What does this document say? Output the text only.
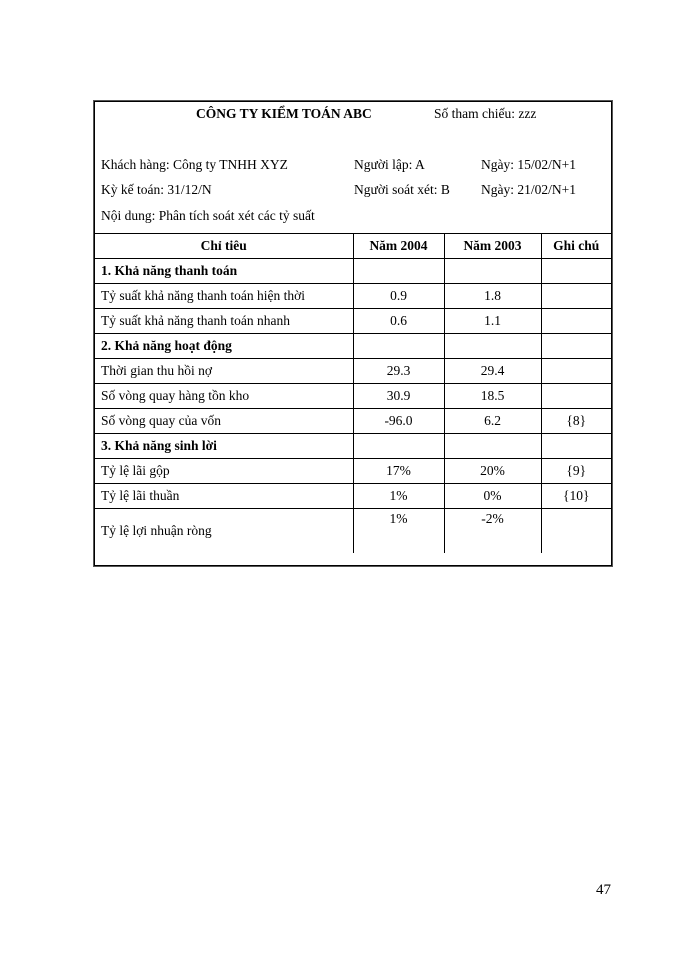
CÔNG TY KIỂM TOÁN ABC	Số tham chiếu: zzz
Khách hàng: Công ty TNHH XYZ	Người lập: A	Ngày: 15/02/N+1
Kỳ kế toán: 31/12/N	Người soát xét: B Ngày: 21/02/N+1
Nội dung: Phân tích soát xét các tỷ suất
Chỉ tiêu	Năm 2004	Năm 2003	Ghi chú
1. Khả năng thanh toán			
Tỷ suất khả năng thanh toán hiện thời	0.9	1.8	
Tỷ suất khả năng thanh toán nhanh	0.6	1.1	
2. Khả năng hoạt động			
Thời gian thu hồi nợ	29.3	29.4	
Số vòng quay hàng tồn kho	30.9	18.5	
Số vòng quay của vốn	-96.0	6.2	{8}
3. Khả năng sinh lời			
Tỷ lệ lãi gộp	17%	20%	{9}
Tỷ lệ lãi thuần	1%	0%	{10}
Tỷ lệ lợi nhuận ròng	1%	-2%	
47
